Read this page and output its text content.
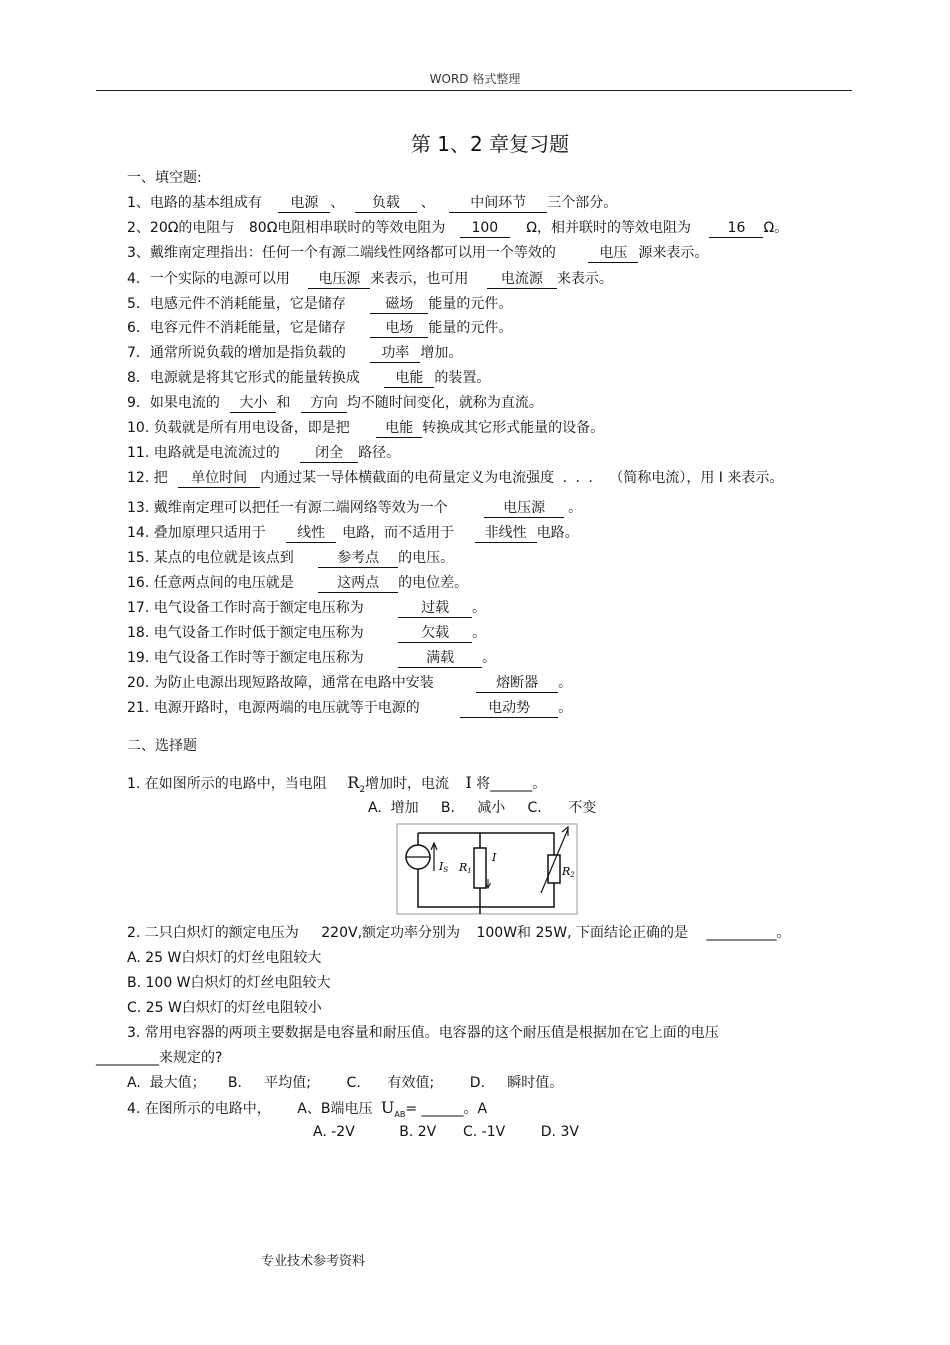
WORD 格式整理
第 1、2 章复习题
一、填空题:
1、电路的基本组成有 电源 、 负载 、	中间环节 三个部分。
2、20Ω的电阻与 80Ω电阻相串联时的等效电阻为 100 Ω，相并联时的等效电阻为	16 Ω。
3、戴维南定理指出：任何一个有源二端线性网络都可以用一个等效的	电压 源来表示。
4．一个实际的电源可以用 电压源 来表示，也可用 电流源 来表示。
5．电感元件不消耗能量，它是储存	磁场 能量的元件。
6．电容元件不消耗能量，它是储存	电场 能量的元件。
7．通常所说负载的增加是指负载的	功率 增加。
8．电源就是将其它形式的能量转换成	电能 的装置。
9．如果电流的 大小 和 方向 均不随时间变化，就称为直流。
10. 负载就是所有用电设备，即是把	电能 转换成其它形式能量的设备。
11. 电路就是电流流过的	闭全 路径。
12. 把 单位时间 内通过某一导体横截面的电荷量定义为电流强度 . . . （简称电流），用 I 来表示。
13. 戴维南定理可以把任一有源二端网络等效为一个	电压源 。
14. 叠加原理只适用于 线性 电路，而不适用于 非线性 电路。
15. 某点的电位就是该点到	参考点 的电压。
16. 任意两点间的电压就是	这两点 的电位差。
17. 电气设备工作时高于额定电压称为	过载 。
18. 电气设备工作时低于额定电压称为	欠载 。
19. 电气设备工作时等于额定电压称为	满载 。
20. 为防止电源出现短路故障，通常在电路中安装	熔断器 。
21. 电源开路时，电源两端的电压就等于电源的	电动势 。
二、选择题
1. 在如图所示的电路中，当电阻 $R_2$增加时，电流 I 将______。
A.  增加     B.     减小     C.      不变
IS R1
I
R2
2. 二只白炽灯的额定电压为 220V,额定功率分别为 100W和 25W, 下面结论正确的是 __________。
A. 25 W白炽灯的灯丝电阻较大
B. 100 W白炽灯的灯丝电阻较大
C. 25 W白炽灯的灯丝电阻较小
3. 常用电容器的两项主要数据是电容量和耐压值。电容器的这个耐压值是根据加在它上面的电压
_________来规定的?
A.  最大值；     B.     平均值;        C.      有效值;        D.     瞬时值。
4. 在图所示的电路中， A、B端电压 $U_{AB}=$ ______。A
A. -2V          B. 2V      C. -1V        D. 3V
专业技术参考资料
